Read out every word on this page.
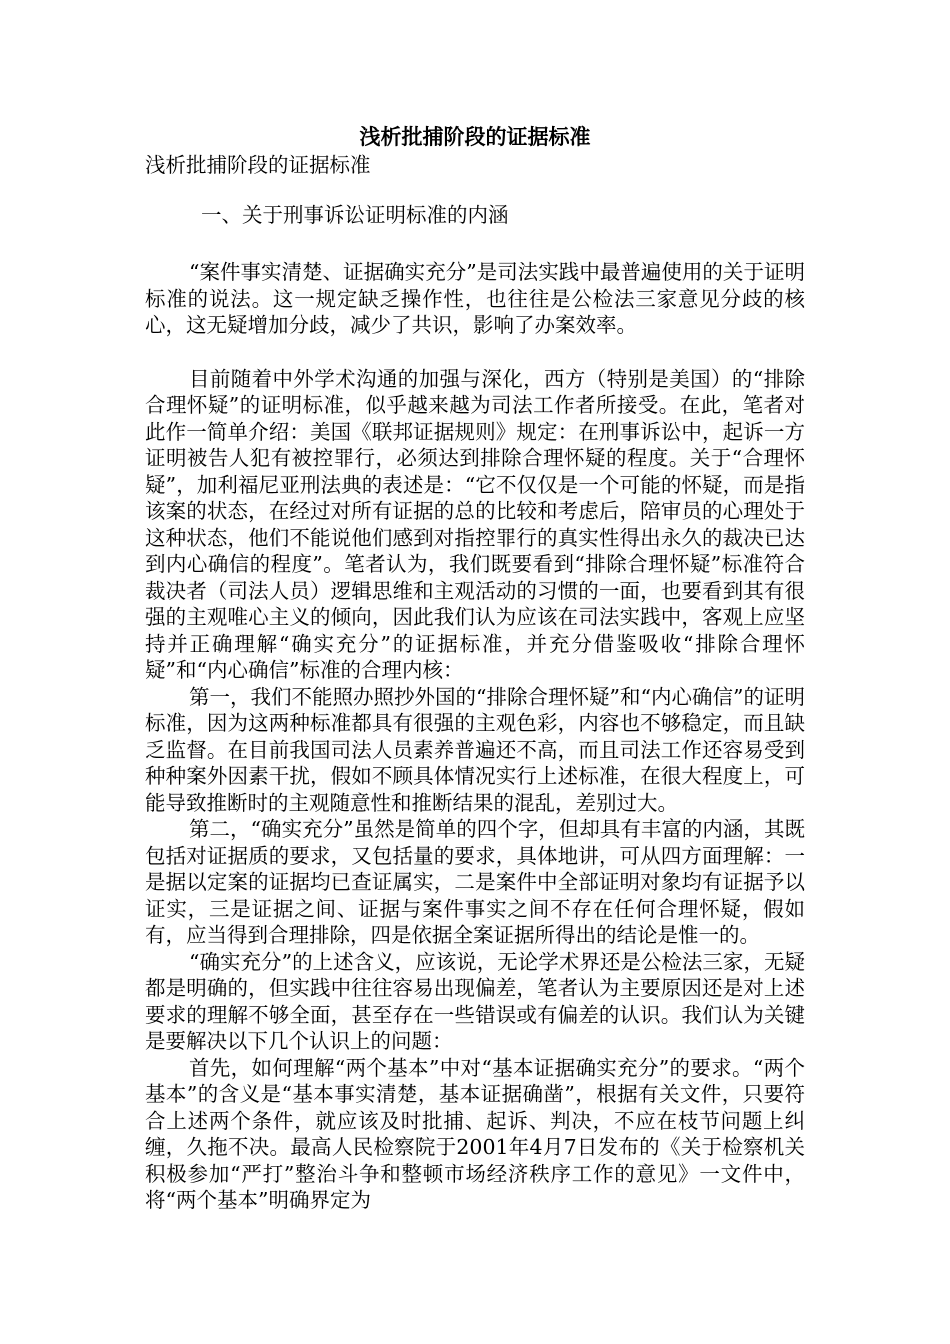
浅析批捕阶段的证据标准

浅析批捕阶段的证据标准

一、关于刑事诉讼证明标准的内涵

“案件事实清楚、证据确实充分”是司法实践中最普遍使用的关于证明标准的说法。这一规定缺乏操作性，也往往是公检法三家意见分歧的核心，这无疑增加分歧，减少了共识，影响了办案效率。

目前随着中外学术沟通的加强与深化，西方（特别是美国）的“排除合理怀疑”的证明标准，似乎越来越为司法工作者所接受。在此，笔者对此作一简单介绍：美国《联邦证据规则》规定：在刑事诉讼中，起诉一方证明被告人犯有被控罪行，必须达到排除合理怀疑的程度。关于“合理怀疑”，加利福尼亚刑法典的表述是：“它不仅仅是一个可能的怀疑，而是指该案的状态，在经过对所有证据的总的比较和考虑后，陪审员的心理处于这种状态，他们不能说他们感到对指控罪行的真实性得出永久的裁决已达到内心确信的程度”。笔者认为，我们既要看到“排除合理怀疑”标准符合裁决者（司法人员）逻辑思维和主观活动的习惯的一面，也要看到其有很强的主观唯心主义的倾向，因此我们认为应该在司法实践中，客观上应坚持并正确理解“确实充分”的证据标准，并充分借鉴吸收“排除合理怀疑”和“内心确信”标准的合理内核：

第一，我们不能照办照抄外国的“排除合理怀疑”和“内心确信”的证明标准，因为这两种标准都具有很强的主观色彩，内容也不够稳定，而且缺乏监督。在目前我国司法人员素养普遍还不高，而且司法工作还容易受到种种案外因素干扰，假如不顾具体情况实行上述标准，在很大程度上，可能导致推断时的主观随意性和推断结果的混乱，差别过大。

第二，“确实充分”虽然是简单的四个字，但却具有丰富的内涵，其既包括对证据质的要求，又包括量的要求，具体地讲，可从四方面理解：一是据以定案的证据均已查证属实，二是案件中全部证明对象均有证据予以证实，三是证据之间、证据与案件事实之间不存在任何合理怀疑，假如有，应当得到合理排除，四是依据全案证据所得出的结论是惟一的。

“确实充分”的上述含义，应该说，无论学术界还是公检法三家，无疑都是明确的，但实践中往往容易出现偏差，笔者认为主要原因还是对上述要求的理解不够全面，甚至存在一些错误或有偏差的认识。我们认为关键是要解决以下几个认识上的问题：

首先，如何理解“两个基本”中对“基本证据确实充分”的要求。“两个基本”的含义是“基本事实清楚，基本证据确凿”，根据有关文件，只要符合上述两个条件，就应该及时批捕、起诉、判决，不应在枝节问题上纠缠，久拖不决。最高人民检察院于2001年4月7日发布的《关于检察机关积极参加“严打”整治斗争和整顿市场经济秩序工作的意见》一文件中，将“两个基本”明确界定为
